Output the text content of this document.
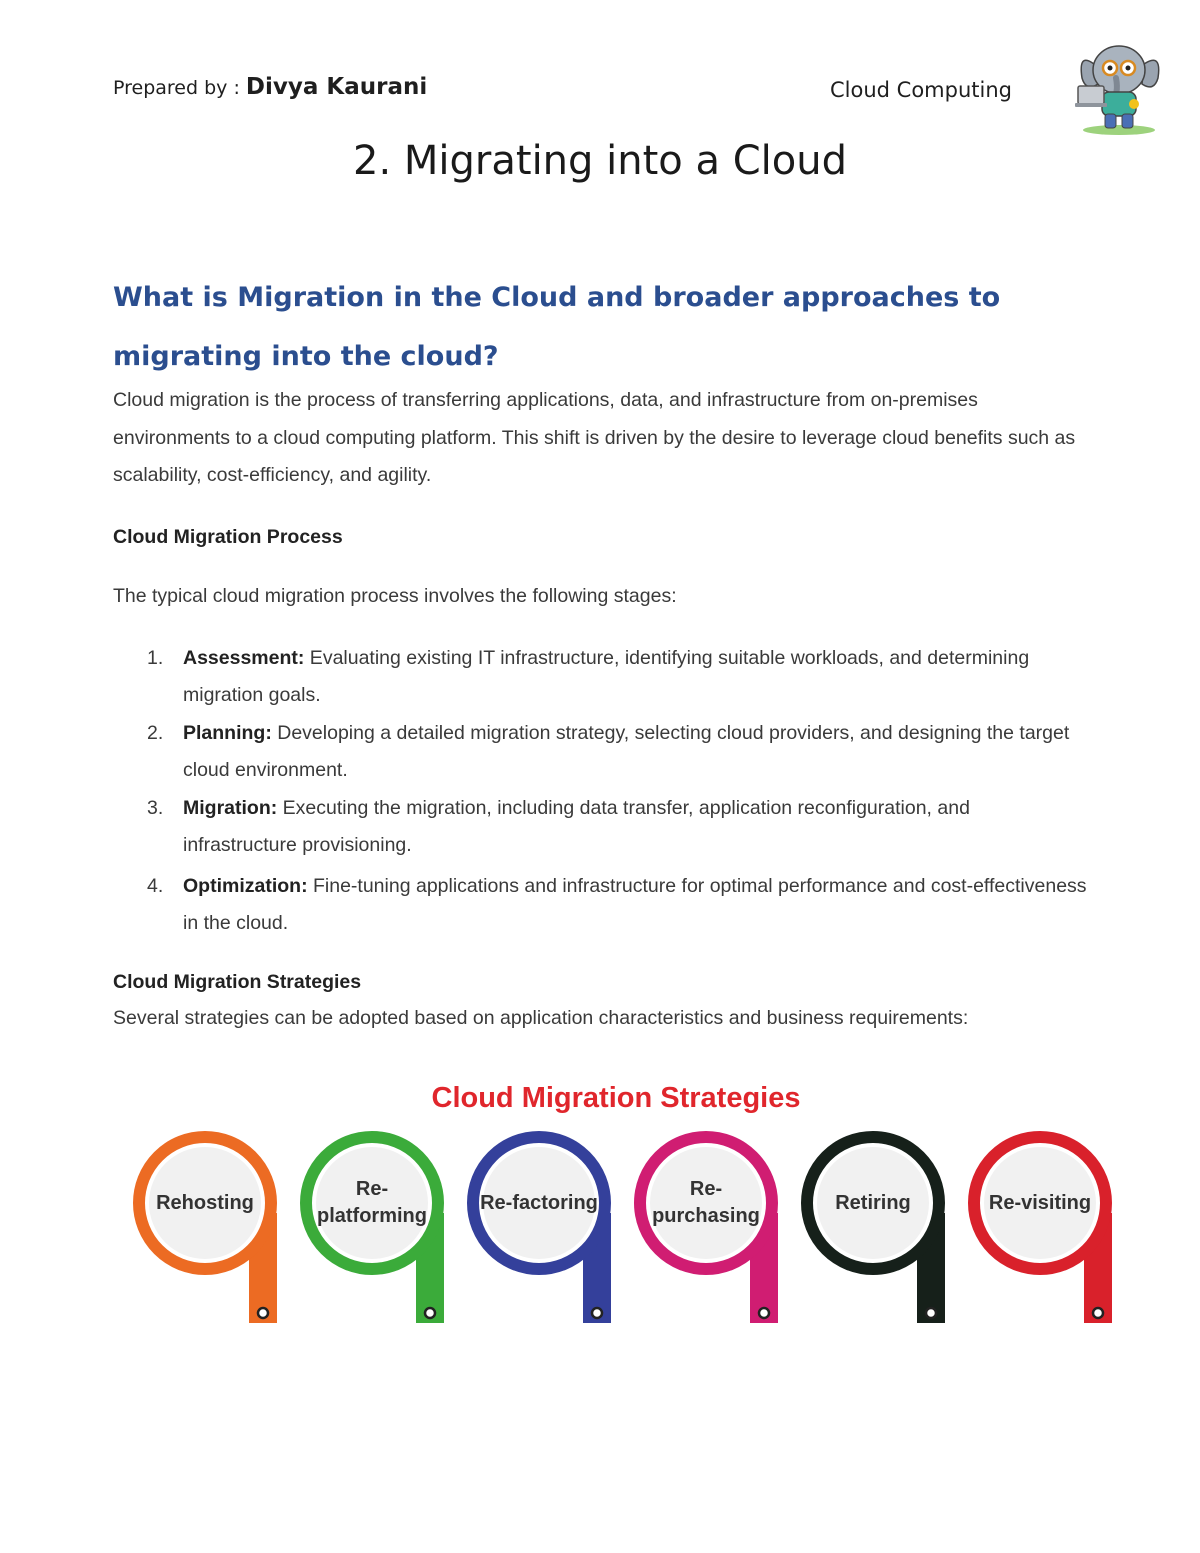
Prepared by : Divya Kaurani	Cloud Computing
2. Migrating into a Cloud
What is Migration in the Cloud and broader approaches to migrating into the cloud?

Cloud migration is the process of transferring applications, data, and infrastructure from on-premises environments to a cloud computing platform. This shift is driven by the desire to leverage cloud benefits such as scalability, cost-efficiency, and agility.

Cloud Migration Process

The typical cloud migration process involves the following stages:

1. Assessment: Evaluating existing IT infrastructure, identifying suitable workloads, and determining migration goals.
2. Planning: Developing a detailed migration strategy, selecting cloud providers, and designing the target cloud environment.
3. Migration: Executing the migration, including data transfer, application reconfiguration, and infrastructure provisioning.
4. Optimization: Fine-tuning applications and infrastructure for optimal performance and cost-effectiveness in the cloud.
Cloud Migration Strategies

Several strategies can be adopted based on application characteristics and business requirements:

Cloud Migration Strategies
Rehosting
Re-
platforming
Re-factoring
Re-
purchasing
Retiring	Re-visiting
